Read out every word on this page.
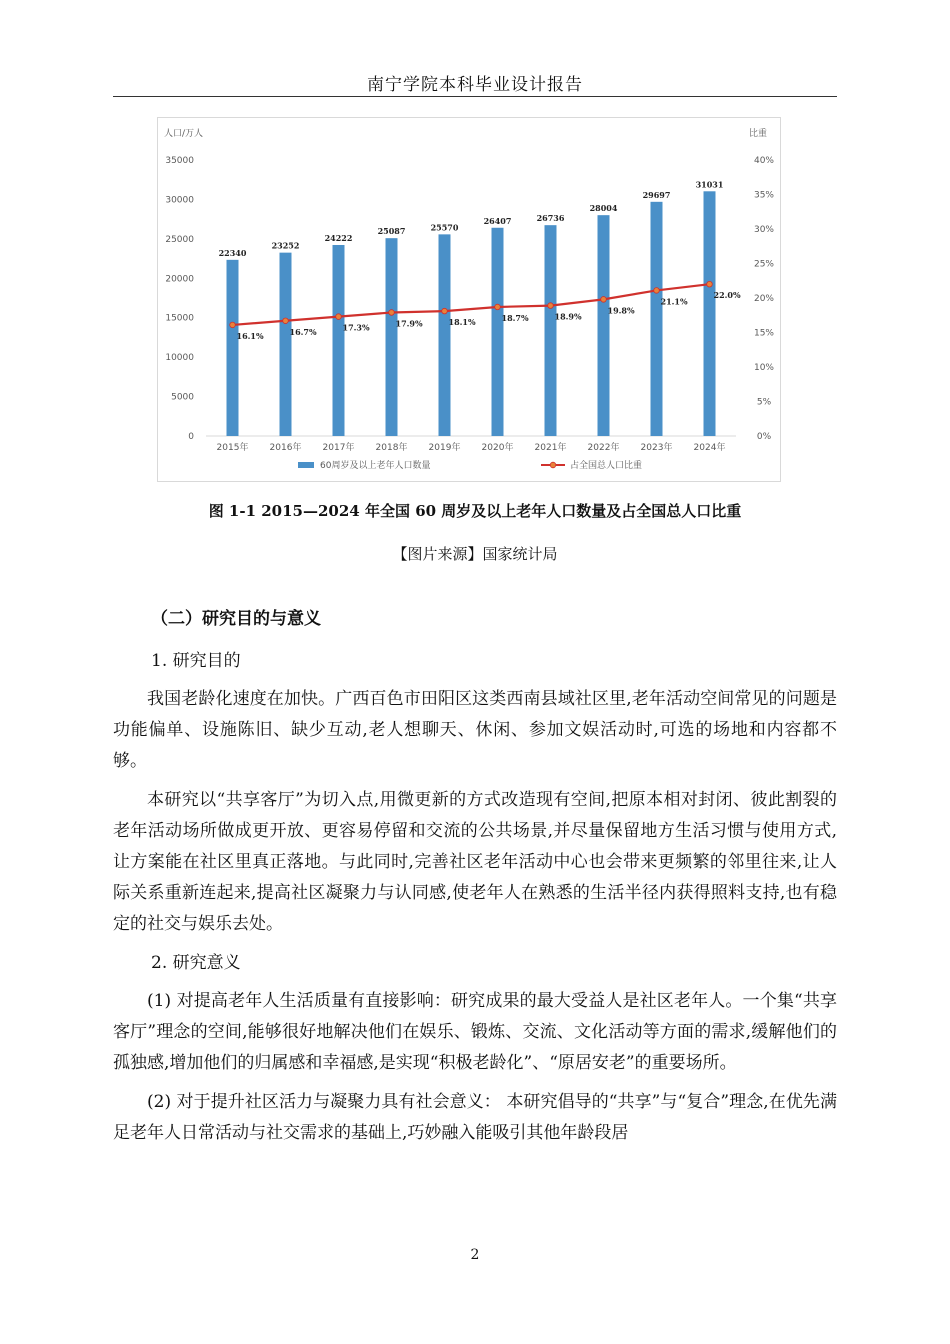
南宁学院本科毕业设计报告
人口/万人	比重
0
5000
10000
15000
20000
25000
30000
35000
0%
5%
10%
15%
20%
25%
30%
35%
40%
22340
2015年
23252
2016年
24222
2017年
25087
2018年
25570
2019年
26407
2020年
26736
2021年
28004
2022年
29697
2023年
31031
2024年
16.1%	16.7%	17.3%	17.9%	18.1%	18.7%	18.9%
19.8%
21.1%
22.0%
60周岁及以上老年人口数量	占全国总人口比重
图 1-1 2015—2024 年全国 60 周岁及以上老年人口数量及占全国总人口比重
【图片来源】国家统计局
（二）研究目的与意义
1. 研究目的

我国老龄化速度在加快。广西百色市田阳区这类西南县域社区里,老年活动空间常见的问题是功能偏单、设施陈旧、缺少互动,老人想聊天、休闲、参加文娱活动时,可选的场地和内容都不够。

本研究以“共享客厅”为切入点,用微更新的方式改造现有空间,把原本相对封闭、彼此割裂的老年活动场所做成更开放、更容易停留和交流的公共场景,并尽量保留地方生活习惯与使用方式,让方案能在社区里真正落地。与此同时,完善社区老年活动中心也会带来更频繁的邻里往来,让人际关系重新连起来,提高社区凝聚力与认同感,使老年人在熟悉的生活半径内获得照料支持,也有稳定的社交与娱乐去处。

2. 研究意义

(1) 对提高老年人生活质量有直接影响：研究成果的最大受益人是社区老年人。一个集“共享客厅”理念的空间,能够很好地解决他们在娱乐、锻炼、交流、文化活动等方面的需求,缓解他们的孤独感,增加他们的归属感和幸福感,是实现“积极老龄化”、“原居安老”的重要场所。

(2) 对于提升社区活力与凝聚力具有社会意义： 本研究倡导的“共享”与“复合”理念,在优先满足老年人日常活动与社交需求的基础上,巧妙融入能吸引其他年龄段居

2
